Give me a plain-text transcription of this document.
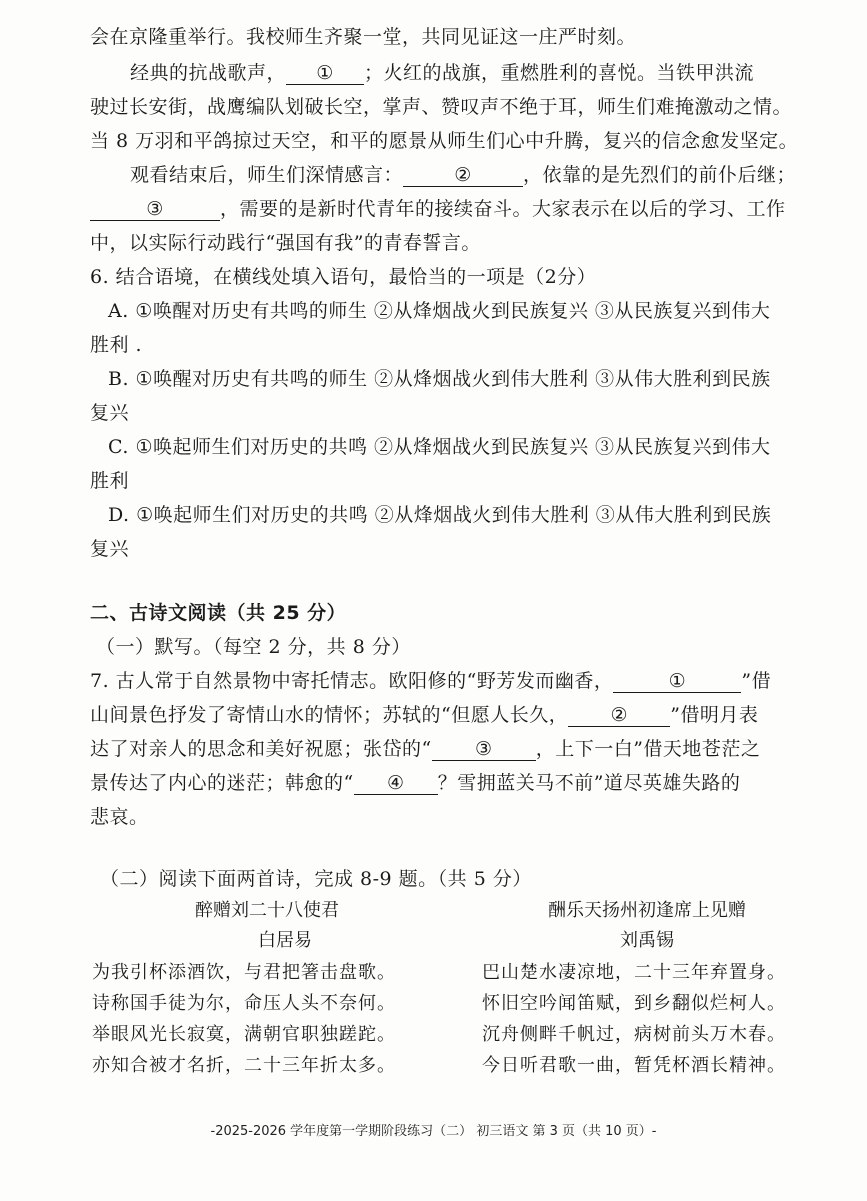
会在京隆重举行。我校师生齐聚一堂，共同见证这一庄严时刻。
经典的抗战歌声， ① ；火红的战旗，重燃胜利的喜悦。当铁甲洪流
驶过长安街，战鹰编队划破长空，掌声、赞叹声不绝于耳，师生们难掩激动之情。
当 8 万羽和平鸽掠过天空，和平的愿景从师生们心中升腾，复兴的信念愈发坚定。
观看结束后，师生们深情感言：	②	，依靠的是先烈们的前仆后继；
③	，需要的是新时代青年的接续奋斗。大家表示在以后的学习、工作
中，以实际行动践行“强国有我”的青春誓言。
6. 结合语境，在横线处填入语句，最恰当的一项是（2分）
A. ①唤醒对历史有共鸣的师生 ②从烽烟战火到民族复兴 ③从民族复兴到伟大
胜利 .
B. ①唤醒对历史有共鸣的师生 ②从烽烟战火到伟大胜利 ③从伟大胜利到民族
复兴
C. ①唤起师生们对历史的共鸣 ②从烽烟战火到民族复兴 ③从民族复兴到伟大
胜利
D. ①唤起师生们对历史的共鸣 ②从烽烟战火到伟大胜利 ③从伟大胜利到民族
复兴
二、古诗文阅读（共 25 分）
（一）默写。（每空 2 分，共 8 分）
7. 古人常于自然景物中寄托情志。欧阳修的“野芳发而幽香，	①	”借
山间景色抒发了寄情山水的情怀；苏轼的“但愿人长久， ② ”借明月表
达了对亲人的思念和美好祝愿；张岱的“ ③ ，上下一白”借天地苍茫之
景传达了内心的迷茫；韩愈的“ ④ ？雪拥蓝关马不前”道尽英雄失路的
悲哀。
（二）阅读下面两首诗，完成 8-9 题。（共 5 分）
醉赠刘二十八使君
白居易
为我引杯添酒饮，与君把箸击盘歌。
诗称国手徒为尔，命压人头不奈何。
举眼风光长寂寞，满朝官职独蹉跎。
亦知合被才名折，二十三年折太多。
酬乐天扬州初逢席上见赠
刘禹锡
巴山楚水凄凉地，二十三年弃置身。
怀旧空吟闻笛赋，到乡翻似烂柯人。
沉舟侧畔千帆过，病树前头万木春。
今日听君歌一曲，暂凭杯酒长精神。
-2025-2026 学年度第一学期阶段练习（二） 初三语文 第 3 页（共 10 页）-
